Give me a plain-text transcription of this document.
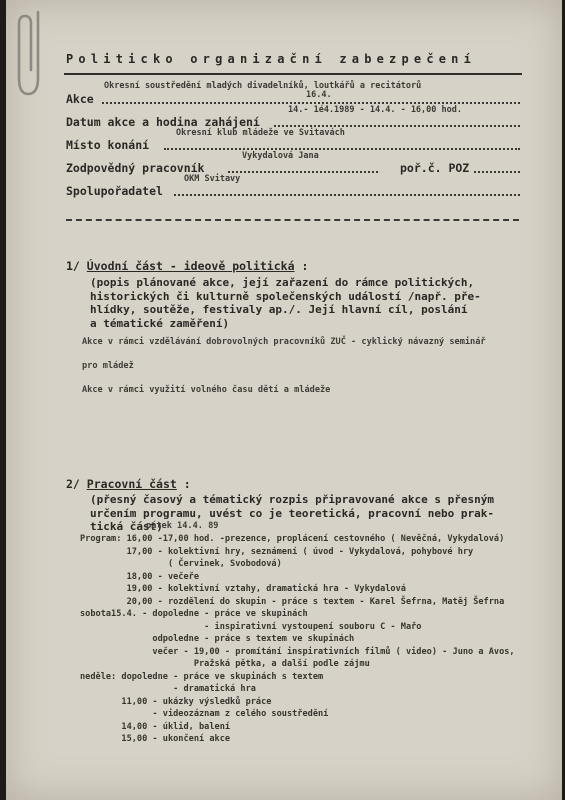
Politicko organizační zabezpečení
Okresní soustředění mladých divadelníků, loutkářů a recitátorů
Akce	16.4.
14.- 1é4.1989 - 14.4. - 16,00 hod.
Datum akce a hodina zahájení
Okresní klub mládeže ve Svitavách
Místo konání
Vykydalová Jana
Zodpovědný pracovník	poř.č. POZ
OKM Svitavy
Spolupořadatel
1/ Úvodní část - ideově politická :
(popis plánované akce, její zařazení do rámce politických,
historických či kulturně společenských událostí /např. pře-
hlídky, soutěže, festivaly ap./. Její hlavní cíl, poslání
a tématické zaměření)
Akce v rámci vzdělávání dobrovolných pracovníků ZUČ - cyklický návazný seminář
pro mládež
Akce v rámci využití volného času dětí a mládeže
2/ Pracovní část :
(přesný časový a tématický rozpis připravované akce s přesným
určením programu, uvést co je teoretická, pracovní nebo prak-
tická část)
pátek 14.4. 89
Program: 16,00 -17,00 hod. -prezence, proplácení cestovného ( Nevěčná, Vykydalová)
17,00 - kolektivní hry, seznámení ( úvod - Vykydalová, pohybové hry
( Červinek, Svobodová)
18,00 - večeře
19,00 - kolektivní vztahy, dramatická hra - Vykydalová
20,00 - rozdělení do skupin - práce s textem - Karel Šefrna, Matěj Šefrna
sobota15.4. - dopoledne - práce ve skupinách
- inspirativní vystoupení souboru C - Mařo
odpoledne - práce s textem ve skupinách
večer - 19,00 - promítání inspirativních filmů ( video) - Juno a Avos,
Pražská pětka, a další podle zájmu
neděle: dopoledne - práce ve skupinách s textem
- dramatická hra
11,00 - ukázky výsledků práce
- videozáznam z celého soustředění
14,00 - úklid, balení
15,00 - ukončení akce
